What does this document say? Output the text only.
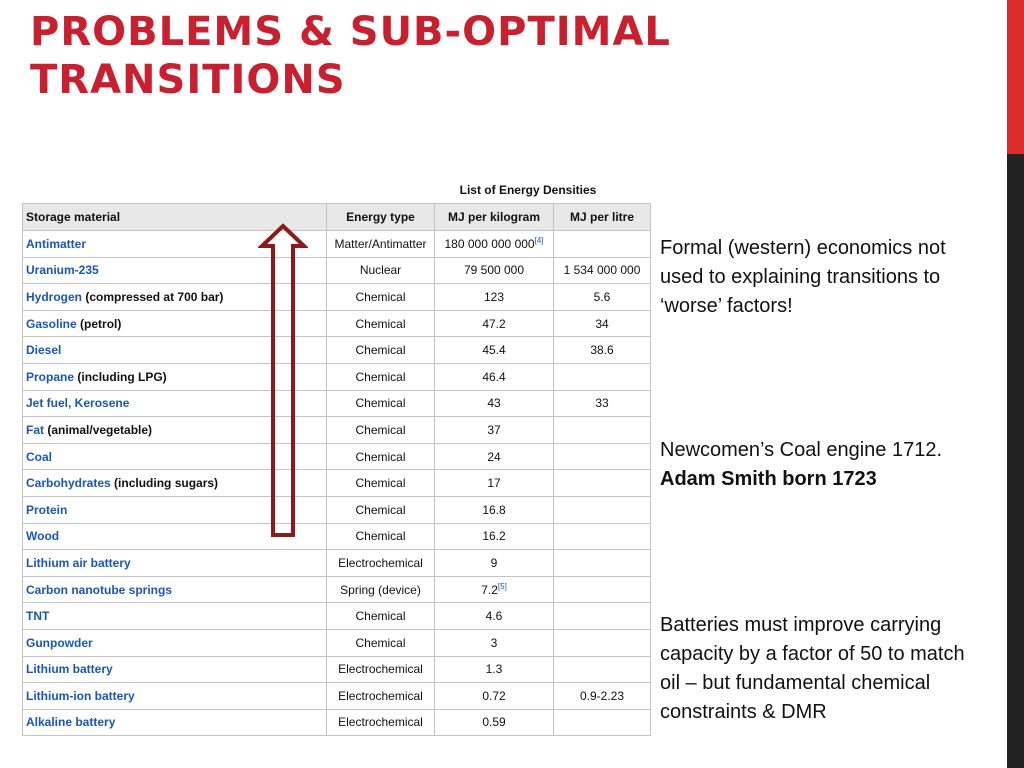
PROBLEMS & SUB-OPTIMAL TRANSITIONS
List of Energy Densities
Storage material	Energy type	MJ per kilogram	MJ per litre
Antimatter	Matter/Antimatter	180 000 000 000[4]	
Uranium-235	Nuclear	79 500 000	1 534 000 000
Hydrogen (compressed at 700 bar)	Chemical	123	5.6
Gasoline (petrol)	Chemical	47.2	34
Diesel	Chemical	45.4	38.6
Propane (including LPG)	Chemical	46.4	
Jet fuel, Kerosene	Chemical	43	33
Fat (animal/vegetable)	Chemical	37	
Coal	Chemical	24	
Carbohydrates (including sugars)	Chemical	17	
Protein	Chemical	16.8	
Wood	Chemical	16.2	
Lithium air battery	Electrochemical	9	
Carbon nanotube springs	Spring (device)	7.2[5]	
TNT	Chemical	4.6	
Gunpowder	Chemical	3	
Lithium battery	Electrochemical	1.3	
Lithium-ion battery	Electrochemical	0.72	0.9-2.23
Alkaline battery	Electrochemical	0.59	

Formal (western) economics not used to explaining transitions to ‘worse’ factors!

Newcomen’s Coal engine 1712.

Adam Smith born 1723

Batteries must improve carrying capacity by a factor of 50 to match oil – but fundamental chemical constraints & DMR
